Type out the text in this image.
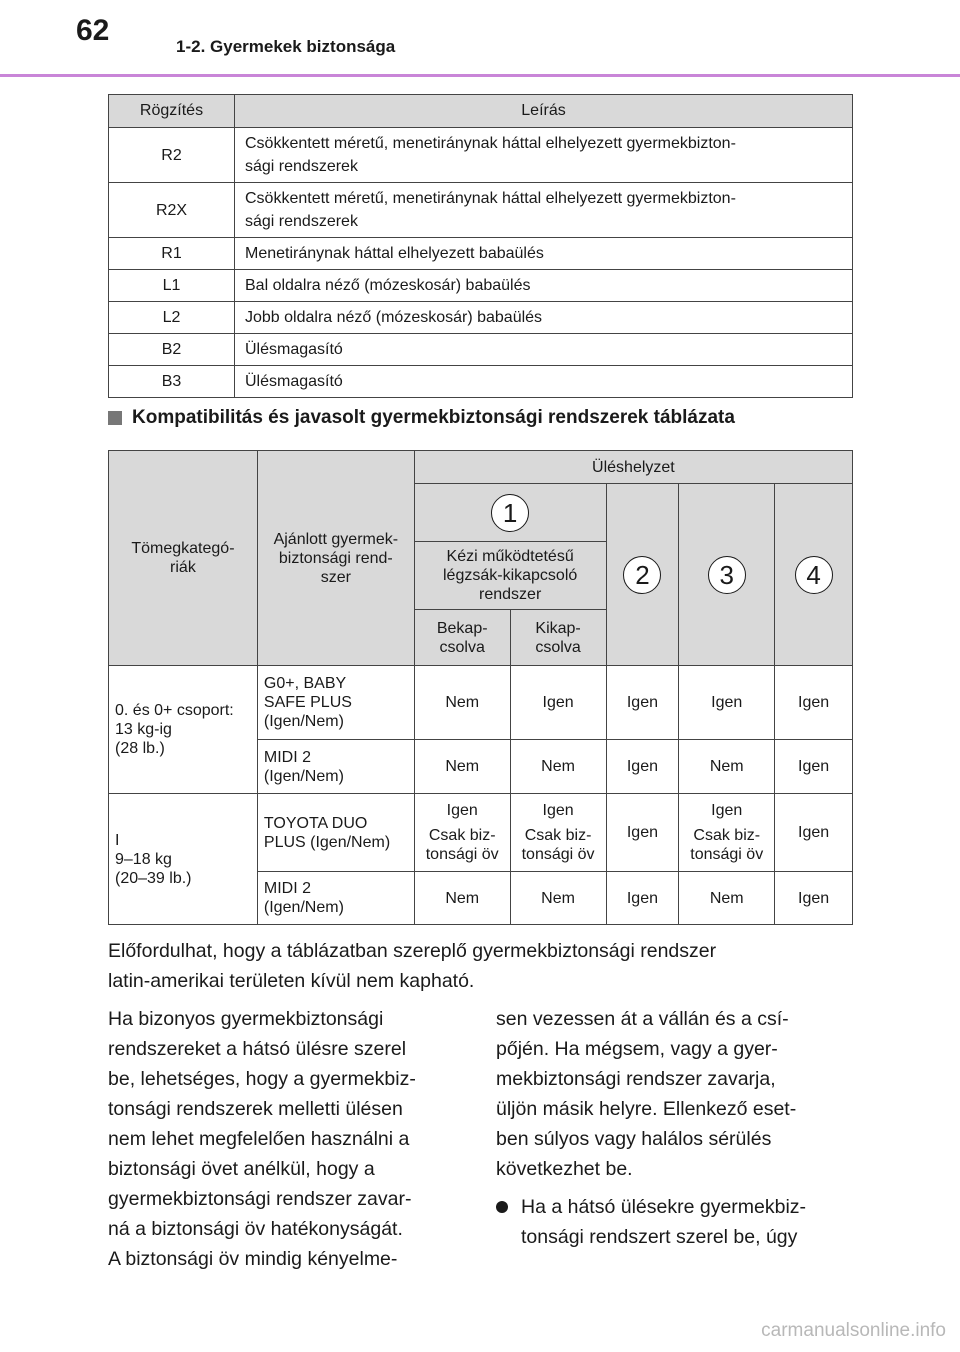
62	1-2. Gyermekek biztonsága
Rögzítés	Leírás
R2	Csökkentett méretű, menetiránynak háttal elhelyezett gyermekbizton-
sági rendszerek

R2X	Csökkentett méretű, menetiránynak háttal elhelyezett gyermekbizton-
sági rendszerek

R1	Menetiránynak háttal elhelyezett babaülés
L1	Bal oldalra néző (mózeskosár) babaülés
L2	Jobb oldalra néző (mózeskosár) babaülés
B2	Ülésmagasító
B3	Ülésmagasító
Kompatibilitás és javasolt gyermekbiztonsági rendszerek táblázata
Tömegkategó-
riák	Ajánlott gyermek-
biztonsági rend-
szer	Üléshelyzet				
		1		2	3	4

		Kézi működtetésű
légzsák-kikapcsoló
rendszer				

		Bekap-
csolva	Kikap-
csolva			

0. és 0+ csoport:
13 kg-ig
(28 lb.)	G0+, BABY
SAFE PLUS
(Igen/Nem)	Nem	Igen	Igen	Igen	Igen

	MIDI 2
(Igen/Nem)	Nem	Nem	Igen	Nem	Igen

I
9–18 kg
(20–39 lb.)	TOYOTA DUO
PLUS (Igen/Nem)	Igen
Csak biz-
tonsági öv	Igen
Csak biz-
tonsági öv	Igen	Igen
Csak biz-
tonsági öv	Igen

	MIDI 2
(Igen/Nem)	Nem	Nem	Igen	Nem	Igen
Előfordulhat, hogy a táblázatban szereplő gyermekbiztonsági rendszer
latin-amerikai területen kívül nem kapható.
Ha bizonyos gyermekbiztonsági
rendszereket a hátsó ülésre szerel
be, lehetséges, hogy a gyermekbiz-
tonsági rendszerek melletti ülésen
nem lehet megfelelően használni a
biztonsági övet anélkül, hogy a
gyermekbiztonsági rendszer zavar-
ná a biztonsági öv hatékonyságát.
A biztonsági öv mindig kényelme-
sen vezessen át a vállán és a csí-
pőjén. Ha mégsem, vagy a gyer-
mekbiztonsági rendszer zavarja,
üljön másik helyre. Ellenkező eset-
ben súlyos vagy halálos sérülés
következhet be.
Ha a hátsó ülésekre gyermekbiz-
tonsági rendszert szerel be, úgy
carmanualsonline.info
